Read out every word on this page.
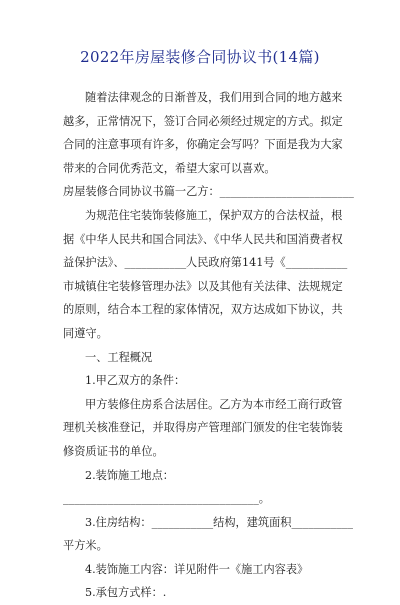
2022年房屋装修合同协议书(14篇)

随着法律观念的日渐普及，我们用到合同的地方越来越多，正常情况下，签订合同必须经过规定的方式。拟定合同的注意事项有许多，你确定会写吗？下面是我为大家带来的合同优秀范文，希望大家可以喜欢。

房屋装修合同协议书篇一 乙方：________________________

为规范住宅装饰装修施工，保护双方的合法权益，根据《中华人民共和国合同法》、《中华人民共和国消费者权益保护法》、___________人民政府第141号《___________市城镇住宅装修管理办法》以及其他有关法律、法规规定的原则，结合本工程的家体情况，双方达成如下协议，共同遵守。

一、工程概况

1.甲乙双方的条件：

甲方装修住房系合法居住。乙方为本市经工商行政管理机关核准登记，并取得房产管理部门颁发的住宅装饰装修资质证书的单位。

2.装饰施工地点：___________________________________。

3.住房结构：___________结构，建筑面积___________平方米。

4.装饰施工内容：详见附件一《施工内容表》

5.承包方式样：.
